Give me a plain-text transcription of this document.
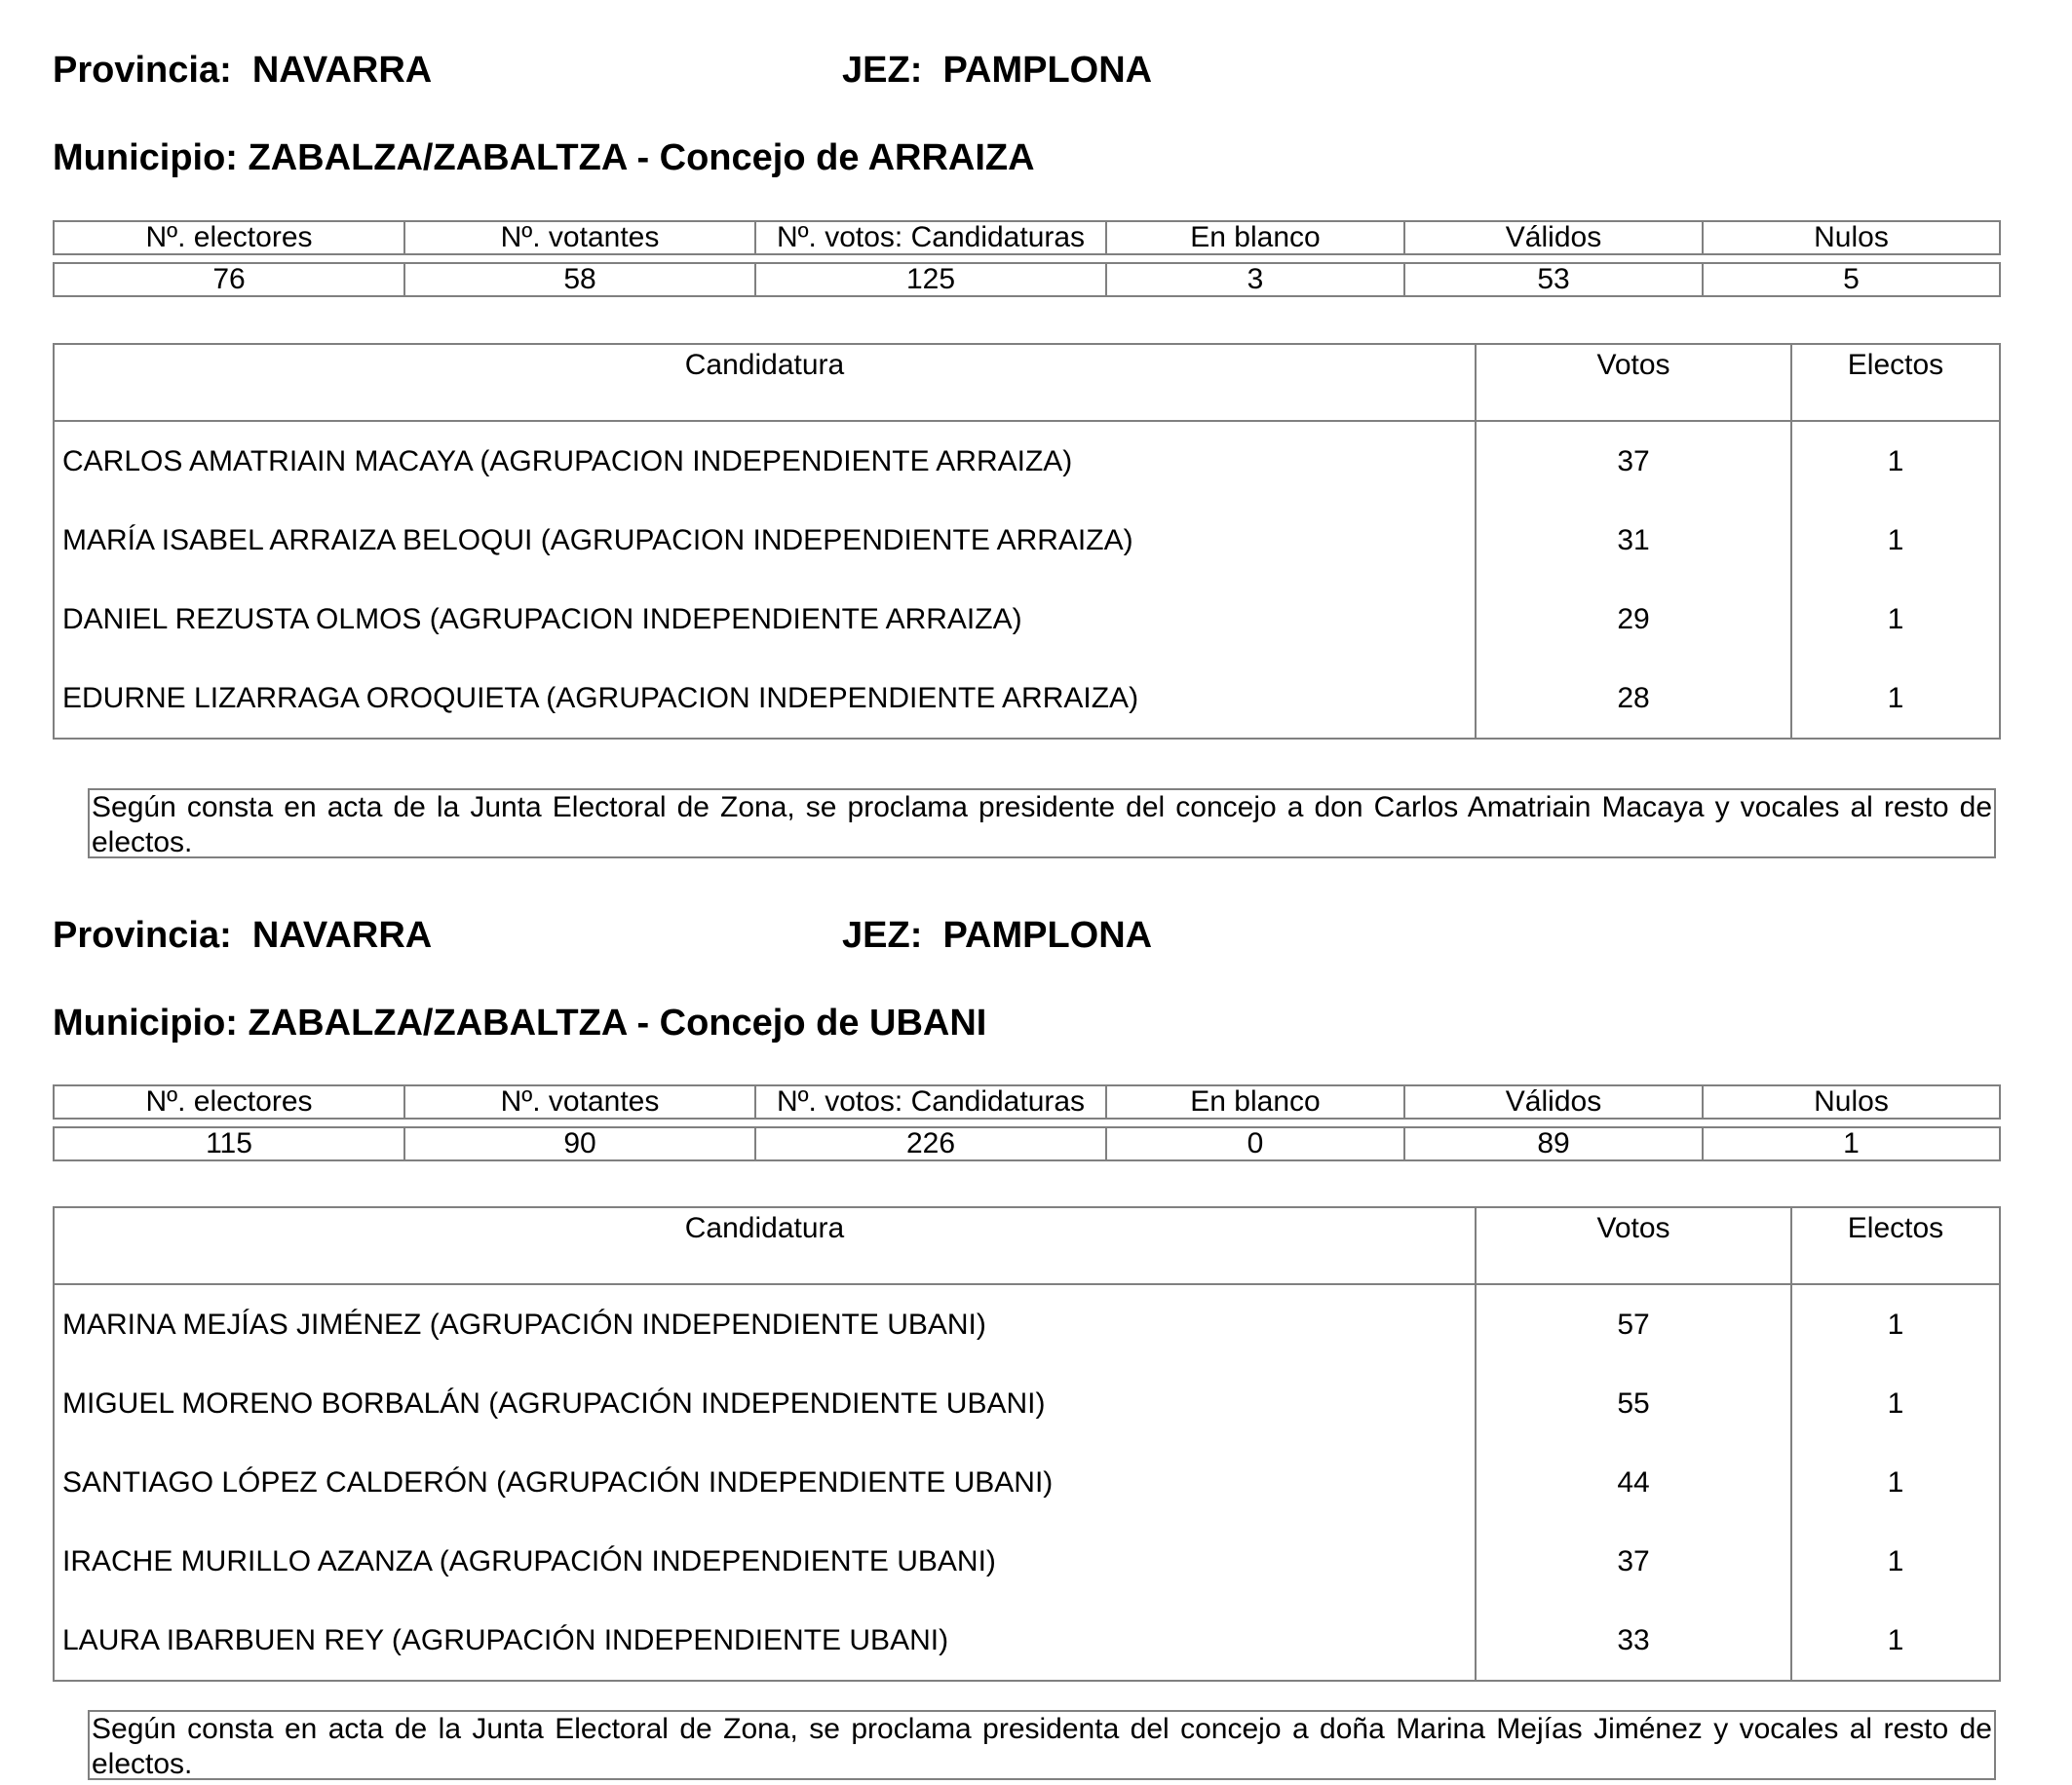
Provincia: NAVARRA	JEZ: PAMPLONA
Municipio: ZABALZA/ZABALTZA - Concejo de ARRAIZA
Nº. electores	Nº. votantes	Nº. votos: Candidaturas	En blanco	Válidos	Nulos
76	58	125	3	53	5
Candidatura	Votos	Electos
CARLOS AMATRIAIN MACAYA (AGRUPACION INDEPENDIENTE ARRAIZA)	37	1
MARÍA ISABEL ARRAIZA BELOQUI (AGRUPACION INDEPENDIENTE ARRAIZA)	31	1
DANIEL REZUSTA OLMOS (AGRUPACION INDEPENDIENTE ARRAIZA)	29	1
EDURNE LIZARRAGA OROQUIETA (AGRUPACION INDEPENDIENTE ARRAIZA)	28	1
Según consta en acta de la Junta Electoral de Zona, se proclama presidente del concejo a don Carlos Amatriain Macaya y vocales al resto de electos.
Provincia: NAVARRA	JEZ: PAMPLONA
Municipio: ZABALZA/ZABALTZA - Concejo de UBANI
Nº. electores	Nº. votantes	Nº. votos: Candidaturas	En blanco	Válidos	Nulos
115	90	226	0	89	1
Candidatura	Votos	Electos
MARINA MEJÍAS JIMÉNEZ (AGRUPACIÓN INDEPENDIENTE UBANI)	57	1
MIGUEL MORENO BORBALÁN (AGRUPACIÓN INDEPENDIENTE UBANI)	55	1
SANTIAGO LÓPEZ CALDERÓN (AGRUPACIÓN INDEPENDIENTE UBANI)	44	1
IRACHE MURILLO AZANZA (AGRUPACIÓN INDEPENDIENTE UBANI)	37	1
LAURA IBARBUEN REY (AGRUPACIÓN INDEPENDIENTE UBANI)	33	1
Según consta en acta de la Junta Electoral de Zona, se proclama presidenta del concejo a doña Marina Mejías Jiménez y vocales al resto de electos.
